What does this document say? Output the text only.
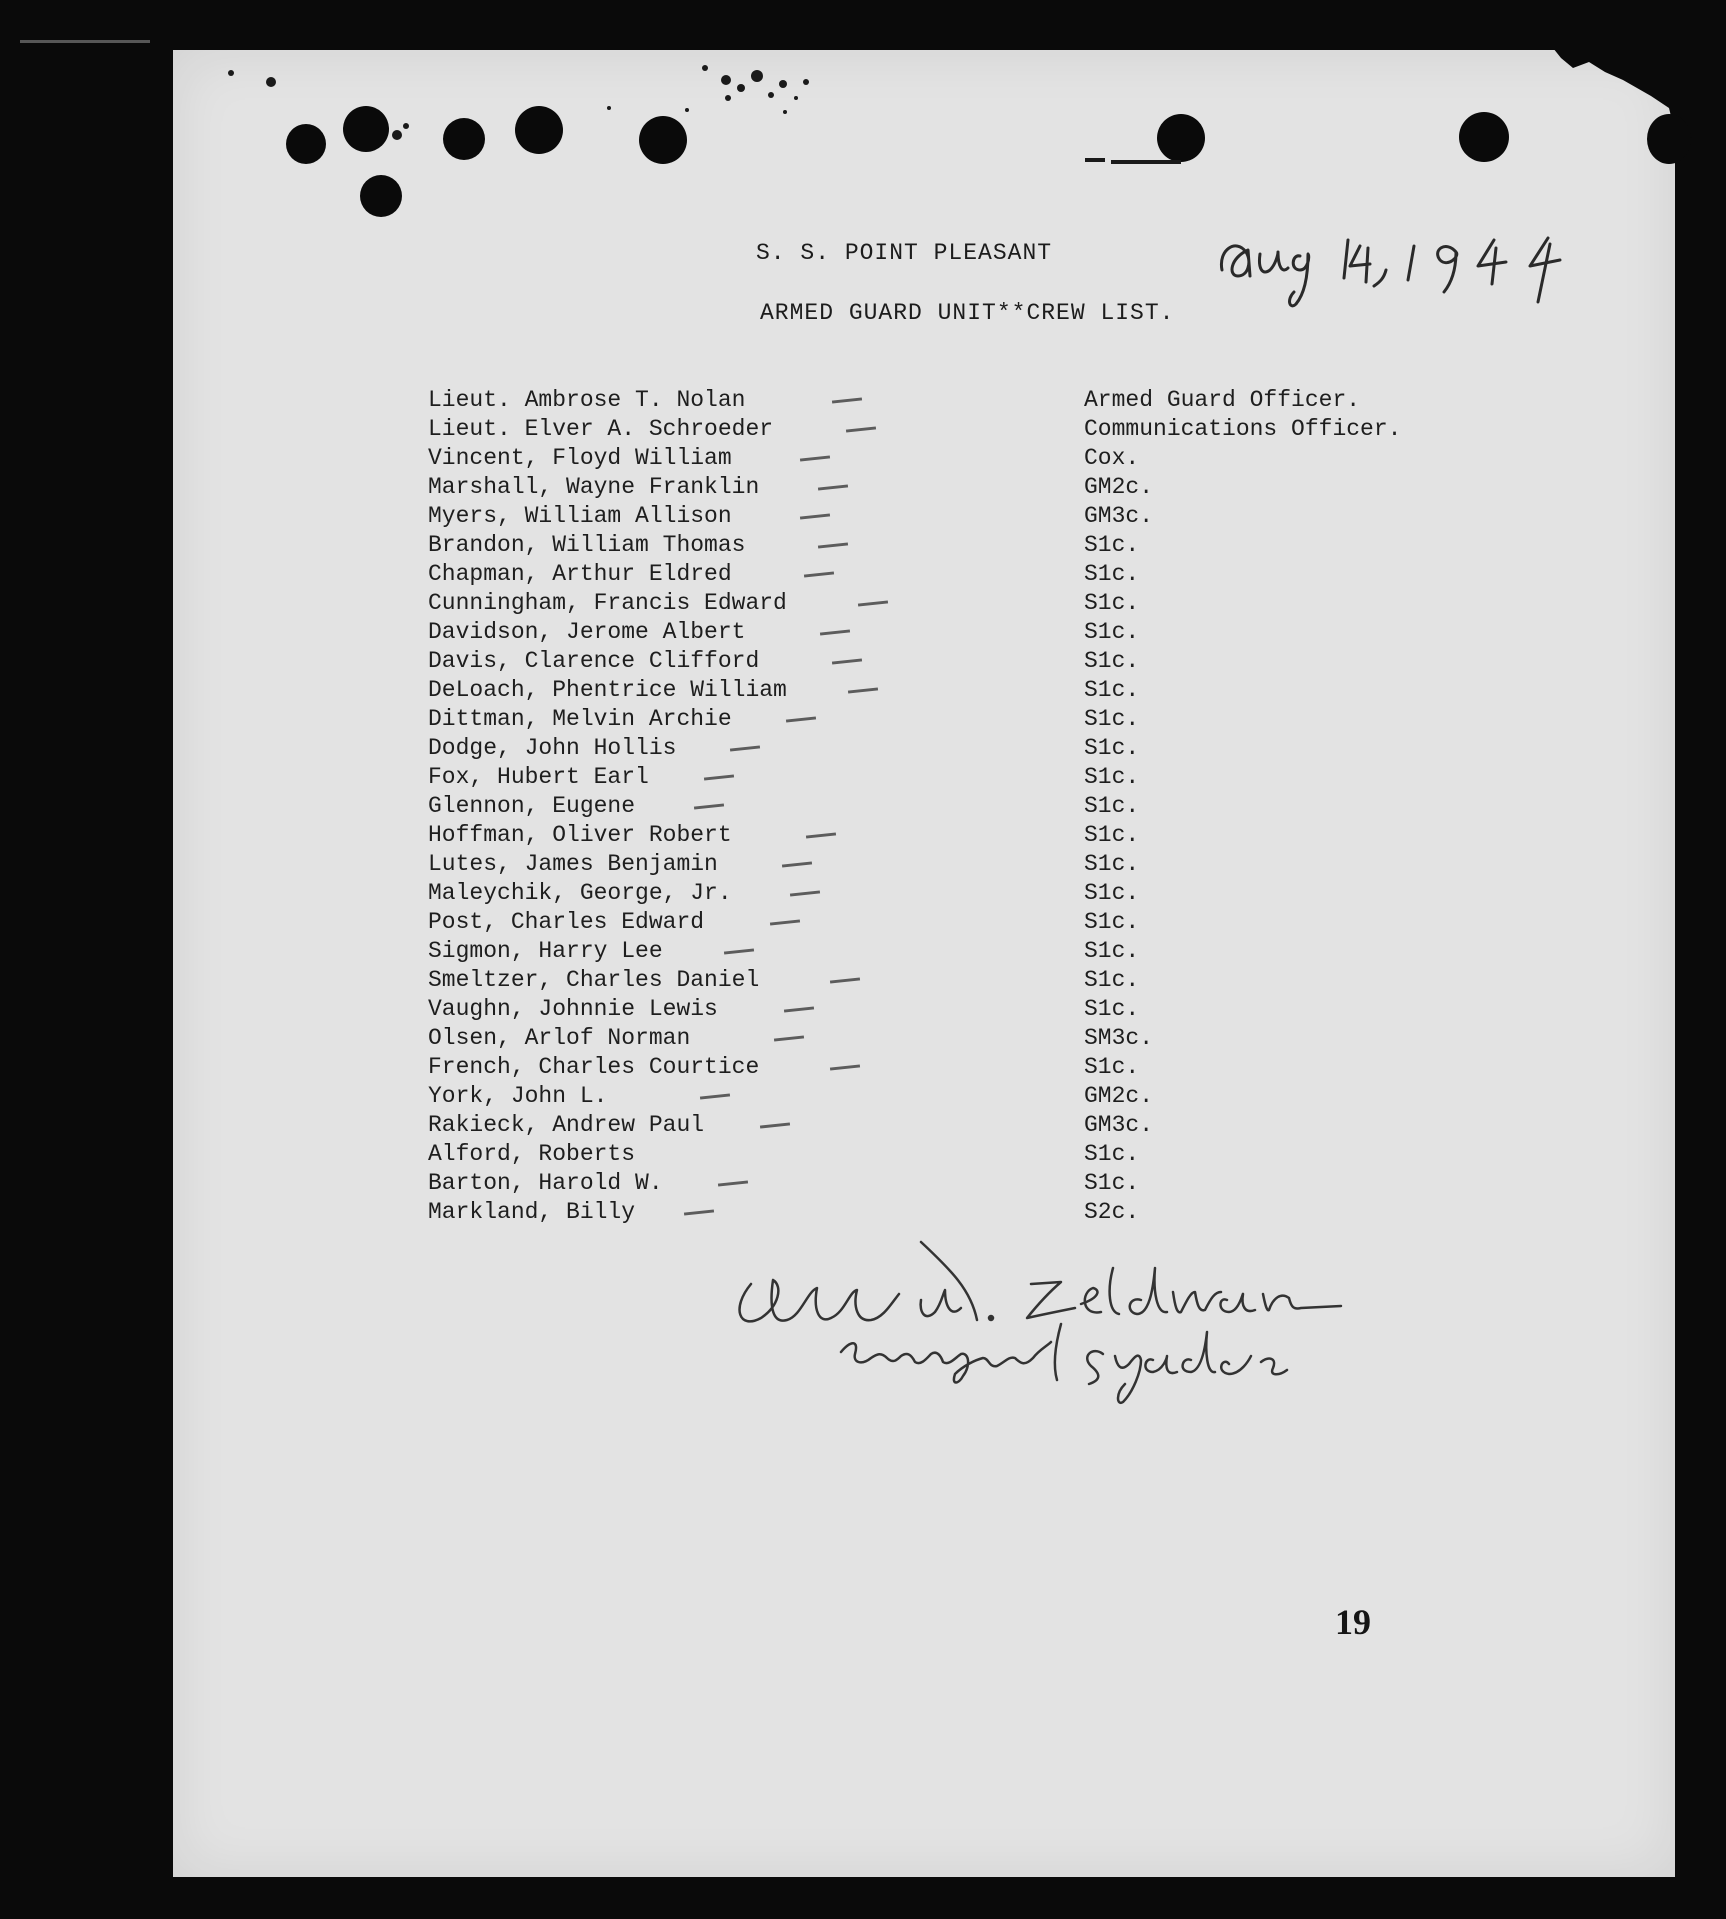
S. S. POINT PLEASANT
ARMED GUARD UNIT**CREW LIST.
Lieut. Ambrose T. Nolan	Armed Guard Officer.
Lieut. Elver A. Schroeder	Communications Officer.
Vincent, Floyd William	Cox.
Marshall, Wayne Franklin	GM2c.
Myers, William Allison	GM3c.
Brandon, William Thomas	S1c.
Chapman, Arthur Eldred	S1c.
Cunningham, Francis Edward	S1c.
Davidson, Jerome Albert	S1c.
Davis, Clarence Clifford	S1c.
DeLoach, Phentrice William	S1c.
Dittman, Melvin Archie	S1c.
Dodge, John Hollis	S1c.
Fox, Hubert Earl	S1c.
Glennon, Eugene	S1c.
Hoffman, Oliver Robert	S1c.
Lutes, James Benjamin	S1c.
Maleychik, George, Jr.	S1c.
Post, Charles Edward	S1c.
Sigmon, Harry Lee	S1c.
Smeltzer, Charles Daniel	S1c.
Vaughn, Johnnie Lewis	S1c.
Olsen, Arlof Norman	SM3c.
French, Charles Courtice	S1c.
York, John L.	GM2c.
Rakieck, Andrew Paul	GM3c.
Alford, Roberts	S1c.
Barton, Harold W.	S1c.
Markland, Billy	S2c.
19
